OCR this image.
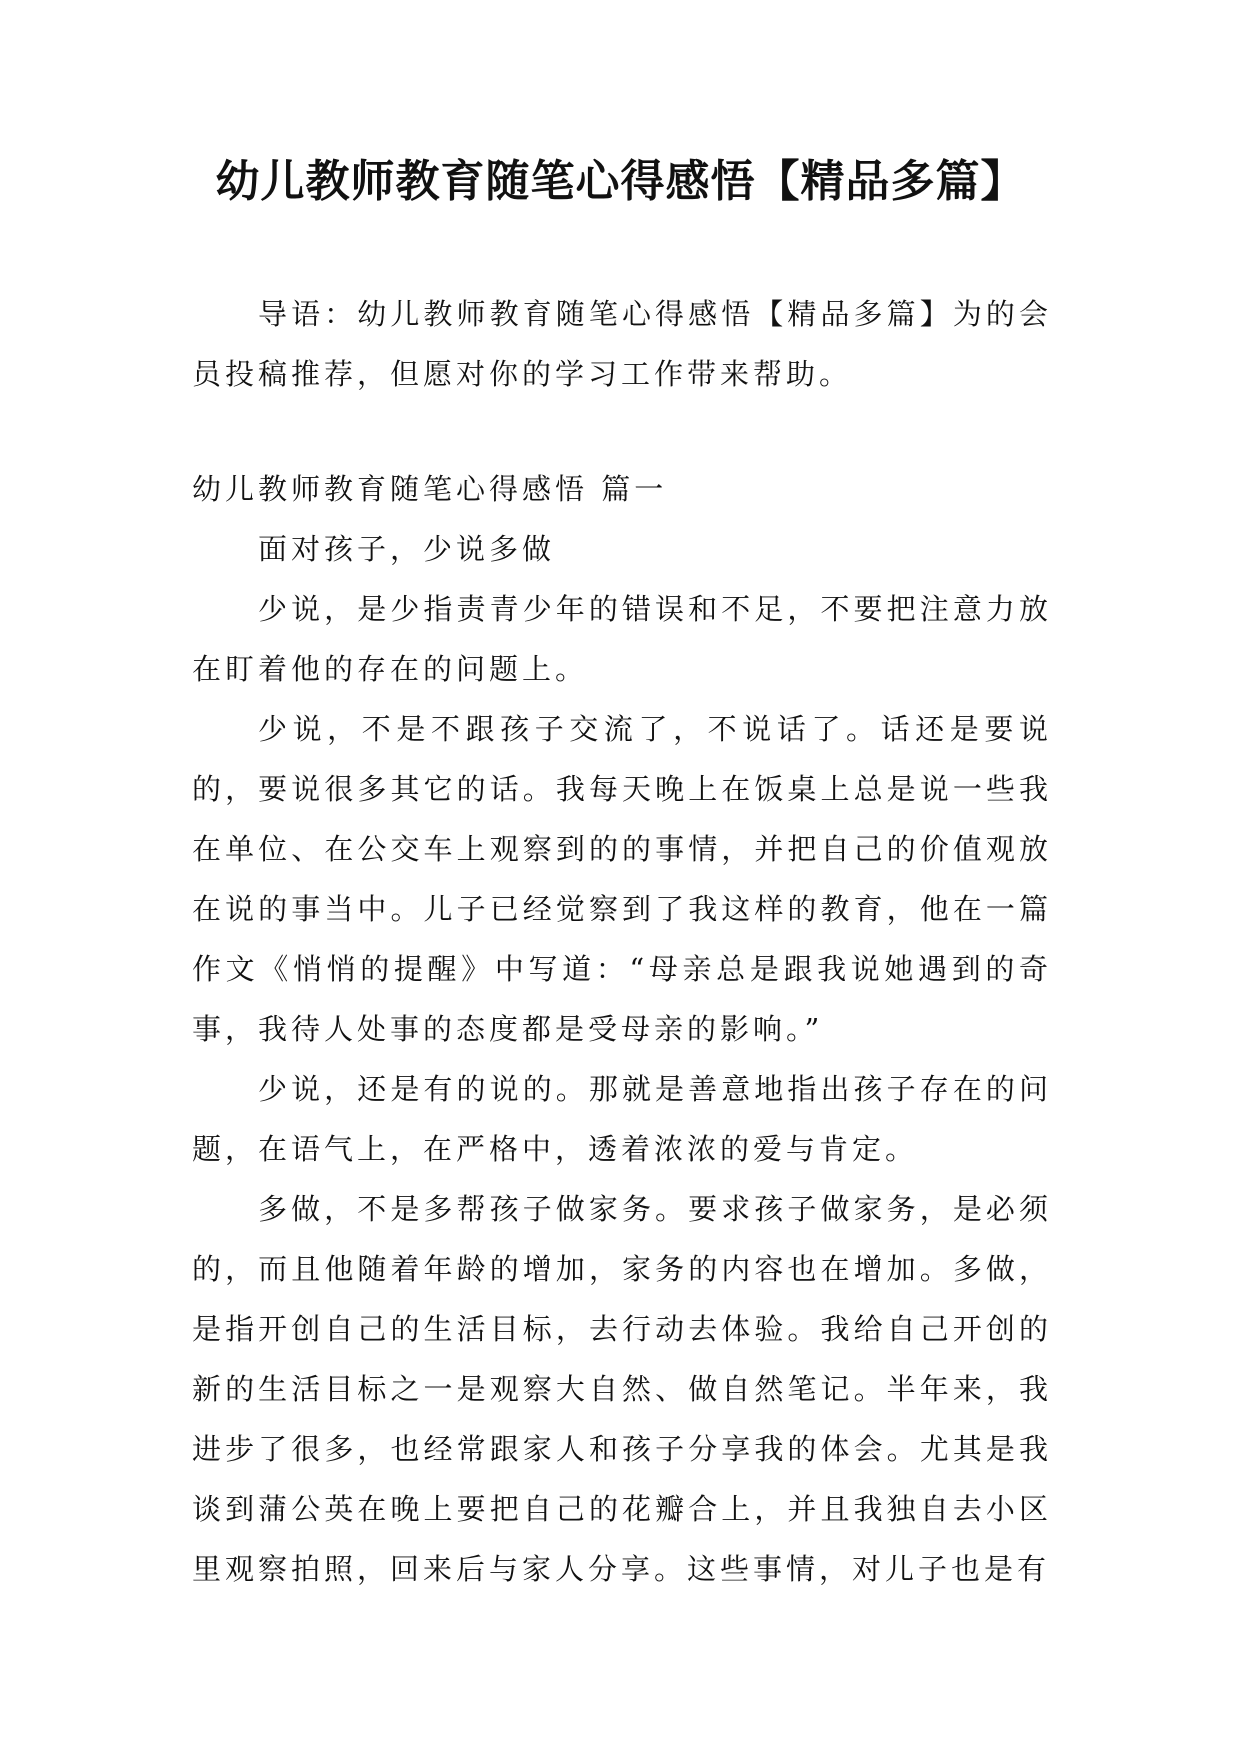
幼儿教师教育随笔心得感悟【精品多篇】

导语：幼儿教师教育随笔心得感悟【精品多篇】为的会员投稿推荐，但愿对你的学习工作带来帮助。

幼儿教师教育随笔心得感悟 篇一

面对孩子，少说多做

少说，是少指责青少年的错误和不足，不要把注意力放在盯着他的存在的问题上。

少说，不是不跟孩子交流了，不说话了。话还是要说的，要说很多其它的话。我每天晚上在饭桌上总是说一些我在单位、在公交车上观察到的的事情，并把自己的价值观放在说的事当中。儿子已经觉察到了我这样的教育，他在一篇作文《悄悄的提醒》中写道：“母亲总是跟我说她遇到的奇事，我待人处事的态度都是受母亲的影响。”

少说，还是有的说的。那就是善意地指出孩子存在的问题，在语气上，在严格中，透着浓浓的爱与肯定。

多做，不是多帮孩子做家务。要求孩子做家务，是必须的，而且他随着年龄的增加，家务的内容也在增加。多做，是指开创自己的生活目标，去行动去体验。我给自己开创的新的生活目标之一是观察大自然、做自然笔记。半年来，我进步了很多，也经常跟家人和孩子分享我的体会。尤其是我谈到蒲公英在晚上要把自己的花瓣合上，并且我独自去小区里观察拍照，回来后与家人分享。这些事情，对儿子也是有
